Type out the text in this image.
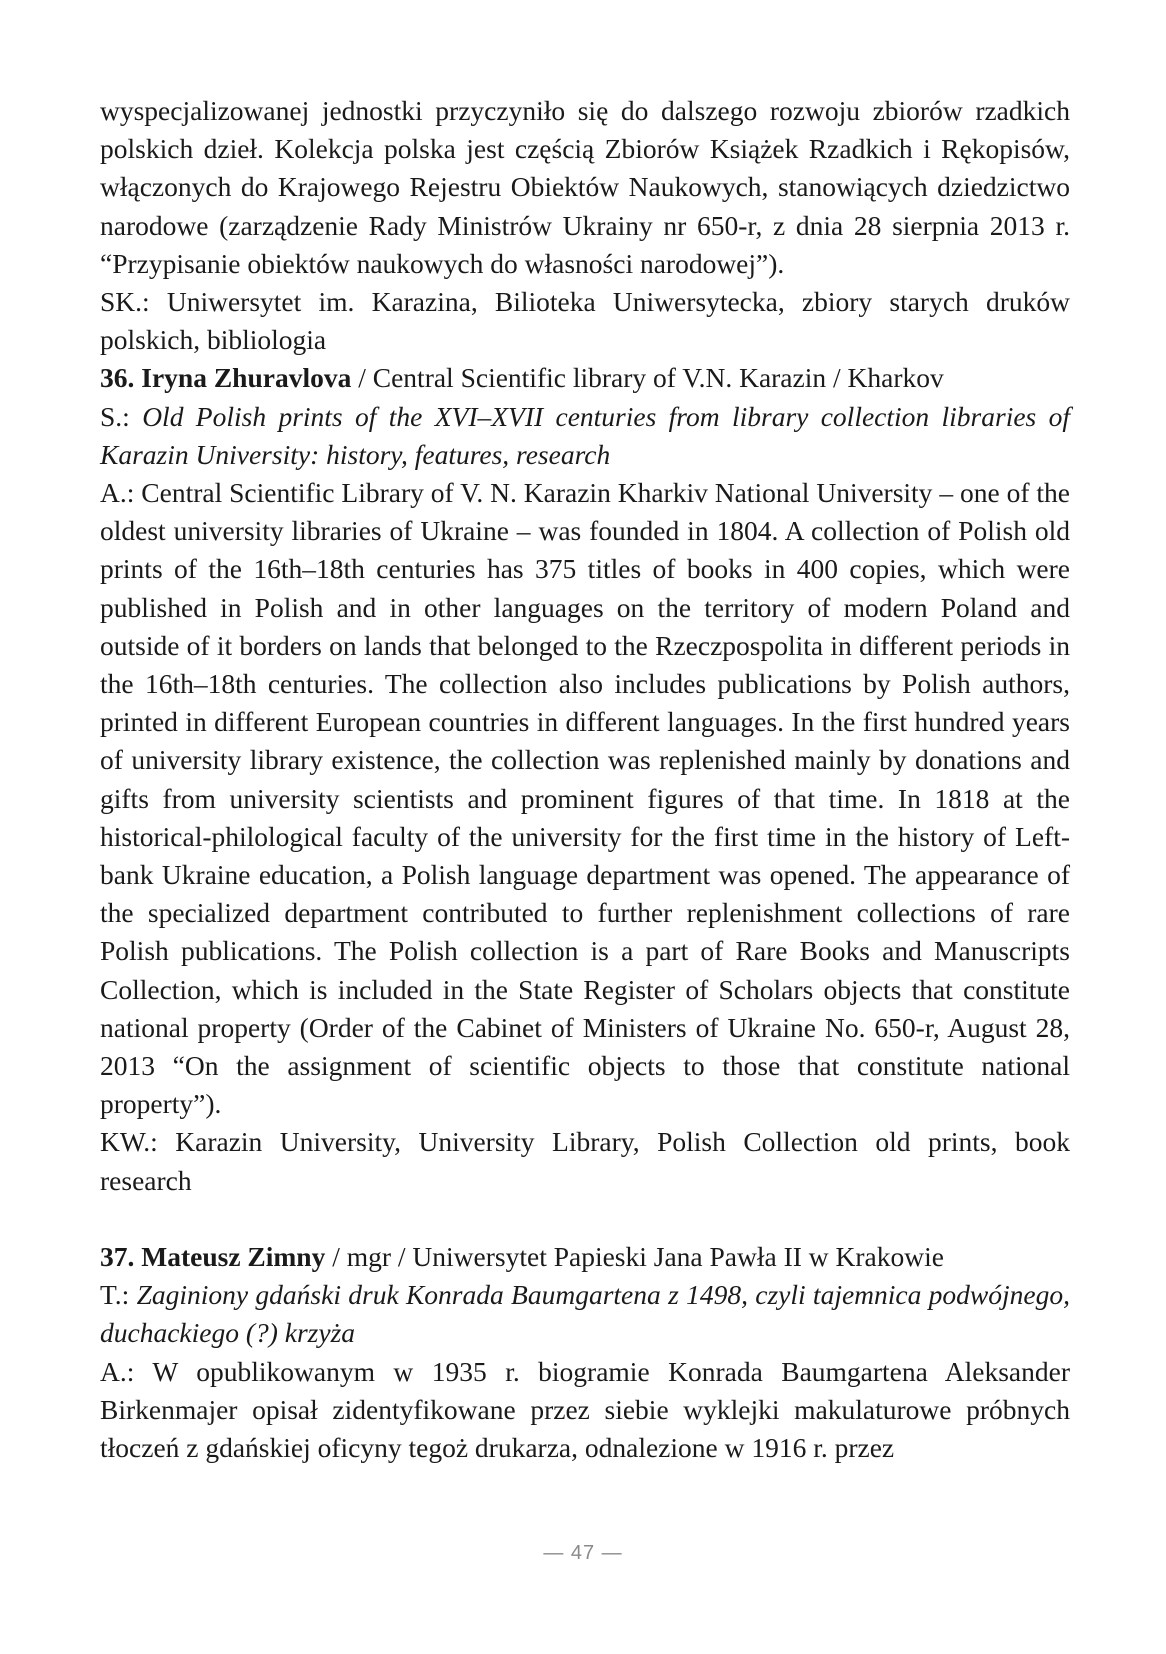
wyspecjalizowanej jednostki przyczyniło się do dalszego rozwoju zbiorów rzadkich polskich dzieł. Kolekcja polska jest częścią Zbiorów Książek Rzadkich i Rękopisów, włączonych do Krajowego Rejestru Obiektów Naukowych, stanowiących dziedzictwo narodowe (zarządzenie Rady Ministrów Ukrainy nr 650-r, z dnia 28 sierpnia 2013 r. “Przypisanie obiektów naukowych do własności narodowej”).

SK.: Uniwersytet im. Karazina, Bilioteka Uniwersytecka, zbiory starych druków polskich, bibliologia

36. Iryna Zhuravlova / Central Scientific library of V.N. Karazin / Kharkov

S.: Old Polish prints of the XVI–XVII centuries from library collection libraries of Karazin University: history, features, research

A.: Central Scientific Library of V. N. Karazin Kharkiv National University – one of the oldest university libraries of Ukraine – was founded in 1804. A collection of Polish old prints of the 16th–18th centuries has 375 titles of books in 400 copies, which were published in Polish and in other languages on the territory of modern Poland and outside of it borders on lands that belonged to the Rzeczpospolita in different periods in the 16th–18th centuries. The collection also includes publications by Polish authors, printed in different European countries in different languages. In the first hundred years of university library existence, the collection was replenished mainly by donations and gifts from university scientists and prominent figures of that time. In 1818 at the historical-philological faculty of the university for the first time in the history of Left-bank Ukraine education, a Polish language department was opened. The appearance of the specialized department contributed to further replenishment collections of rare Polish publications. The Polish collection is a part of Rare Books and Manuscripts Collection, which is included in the State Register of Scholars objects that constitute national property (Order of the Cabinet of Ministers of Ukraine No. 650-r, August 28, 2013 “On the assignment of scientific objects to those that constitute national property”).

KW.: Karazin University, University Library, Polish Collection old prints, book research

37. Mateusz Zimny / mgr / Uniwersytet Papieski Jana Pawła II w Krakowie

T.: Zaginiony gdański druk Konrada Baumgartena z 1498, czyli tajemnica podwójnego, duchackiego (?) krzyża

A.: W opublikowanym w 1935 r. biogramie Konrada Baumgartena Aleksander Birkenmajer opisał zidentyfikowane przez siebie wyklejki makulaturowe próbnych tłoczeń z gdańskiej oficyny tegoż drukarza, odnalezione w 1916 r. przez

— 47 —
